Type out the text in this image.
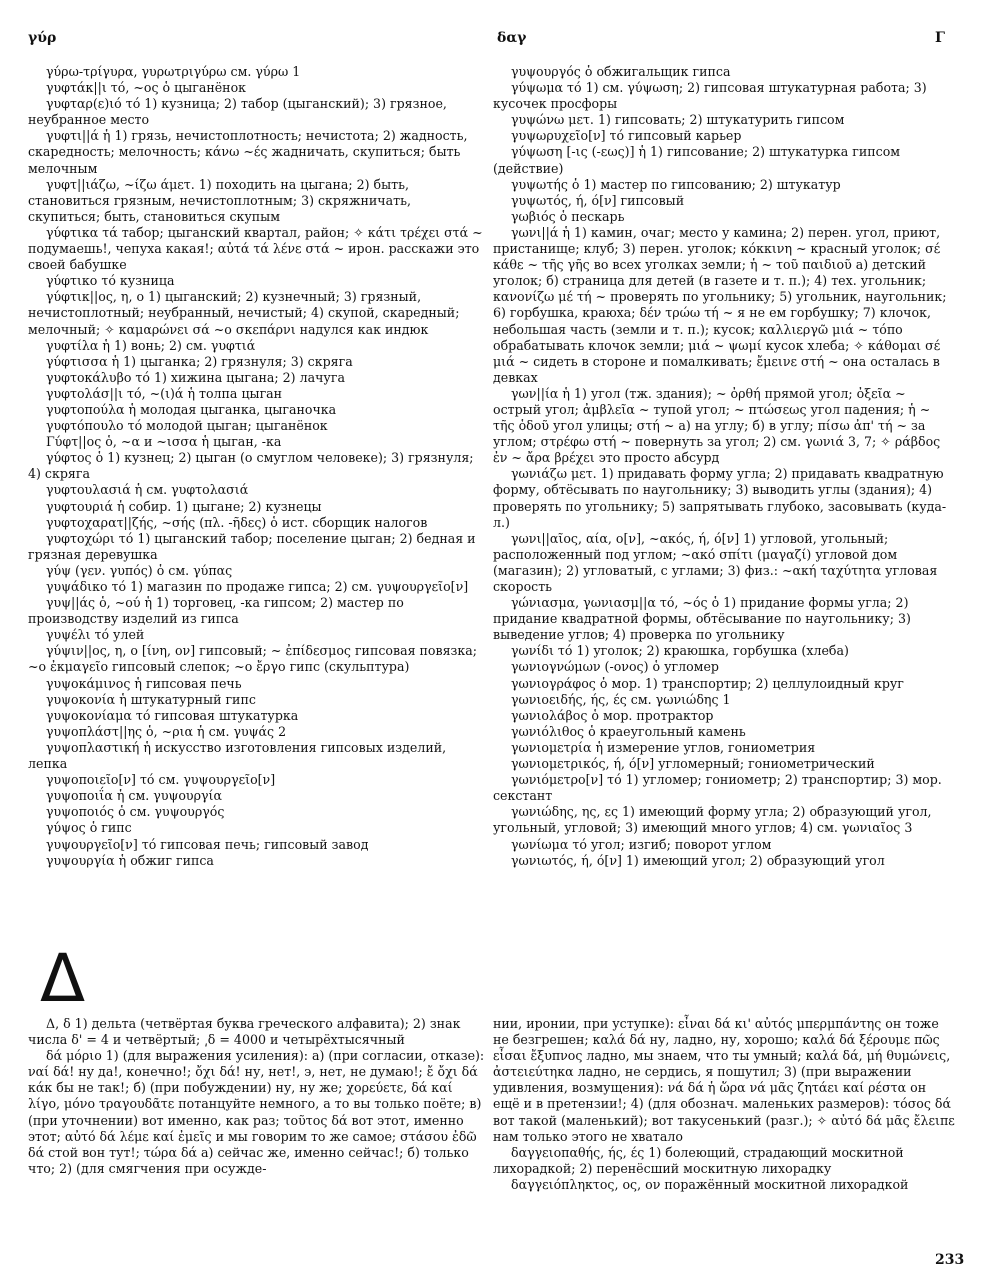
γύρ	δαγ	Γ

γύρω-τρίγυρα, γυρωτριγύρω см. γύρω 1

γυφτάκ||ι τό, ~ος ὁ цыганёнок

γυφταρ(ε)ιό τό 1) кузница; 2) табор (цыганский); 3) грязное, неубранное место

γυφτι||ά ἡ 1) грязь, нечистоплотность; нечистота; 2) жадность, скаредность; мелочность; κάνω ~ές жадничать, скупиться; быть мелочным

γυφτ||ιάζω, ~ίζω άμετ. 1) походить на цыгана; 2) быть, становиться грязным, нечистоплотным; 3) скряжничать, скупиться; быть, становиться скупым

γύφτικα τά табор; цыганский квартал, район; ✧ κάτι τρέχει στά ~ подумаешь!, чепуха какая!; αὐτά τά λένε στά ~ ирон. расскажи это своей бабушке

γύφτικο τό кузница

γύφτικ||ος, η, ο 1) цыганский; 2) кузнечный; 3) грязный, нечистоплотный; неубранный, нечистый; 4) скупой, скаредный; мелочный; ✧ καμαρώνει σά ~ο σκεπάρνι надулся как индюк

γυφτίλα ἡ 1) вонь; 2) см. γυφτιά

γύφτισσα ἡ 1) цыганка; 2) грязнуля; 3) скряга

γυφτοκάλυβο τό 1) хижина цыгана; 2) лачуга

γυφτολάσ||ι τό, ~(ι)ά ἡ толпа цыган

γυφτοπούλα ἡ молодая цыганка, цыганочка

γυφτόπουλο τό молодой цыган; цыганёнок

Γύφτ||ος ὁ, ~α и ~ισσα ἡ цыган, -ка

γύφτος ὁ 1) кузнец; 2) цыган (о смуглом человеке); 3) грязнуля; 4) скряга

γυφτουλασιά ἡ см. γυφτολασιά

γυφτουριά ἡ собир. 1) цыгане; 2) кузнецы

γυφτοχαρατ||ζής, ~σής (πλ. -ῆδες) ὁ ист. сборщик налогов

γυφτοχώρι τό 1) цыганский табор; поселение цыган; 2) бедная и грязная деревушка

γύψ (γεν. γυπός) ὁ см. γύπας

γυψάδικο τό 1) магазин по продаже гипса; 2) см. γυψουργεῖο[ν]

γυψ||άς ὁ, ~ού ἡ 1) торговец, -ка гипсом; 2) мастер по производству изделий из гипса

γυψέλι τό улей

γύψιν||ος, η, ο [ίνη, ον] гипсовый; ~ ἐπίδεσμος гипсовая повязка; ~ο ἐκμαγεῖο гипсовый слепок; ~ο ἔργο гипс (скульптура)

γυψοκάμινος ἡ гипсовая печь

γυψοκονία ἡ штукатурный гипс

γυψοκονίαμα τό гипсовая штукатурка

γυψοπλάστ||ης ὁ, ~ρια ἡ см. γυψάς 2

γυψοπλαστική ἡ искусство изготовления гипсовых изделий, лепка

γυψοποιεῖο[ν] τό см. γυψουργεῖο[ν]

γυψοποιΐα ἡ см. γυψουργία

γυψοποιός ὁ см. γυψουργός

γύψος ὁ гипс

γυψουργεῖο[ν] τό гипсовая печь; гипсовый завод

γυψουργία ἡ обжиг гипса

γυψουργός ὁ обжигальщик гипса

γύψωμα τό 1) см. γύψωση; 2) гипсовая штукатурная работа; 3) кусочек просфоры

γυψώνω μετ. 1) гипсовать; 2) штукатурить гипсом

γυψωρυχεῖο[ν] τό гипсовый карьер

γύψωση [-ις (-εως)] ἡ 1) гипсование; 2) штукатурка гипсом (действие)

γυψωτής ὁ 1) мастер по гипсованию; 2) штукатур

γυψωτός, ή, ό[ν] гипсовый

γωβιός ὁ пескарь

γωνι||ά ἡ 1) камин, очаг; место у камина; 2) перен. угол, приют, пристанище; клуб; 3) перен. уголок; κόκκινη ~ красный уголок; σέ κάθε ~ τῆς γῆς во всех уголках земли; ἡ ~ τοῦ παιδιοῦ а) детский уголок; б) страница для детей (в газете и т. п.); 4) тех. угольник; κανονίζω μέ τή ~ проверять по угольнику; 5) угольник, наугольник; 6) горбушка, краюха; δέν τρώω τή ~ я не ем горбушку; 7) клочок, небольшая часть (земли и т. п.); кусок; καλλιεργῶ μιά ~ τόπο обрабатывать клочок земли; μιά ~ ψωμί кусок хлеба; ✧ κάθομαι σέ μιά ~ сидеть в стороне и помалкивать; ἔμεινε στή ~ она осталась в девках

γων||ία ἡ 1) угол (тж. здания); ~ ὀρθή прямой угол; ὀξεῖα ~ острый угол; ἀμβλεῖα ~ тупой угол; ~ πτώσεως угол падения; ἡ ~ τῆς ὁδοῦ угол улицы; στή ~ а) на углу; б) в углу; πίσω ἀπ' τή ~ за углом; στρέφω στή ~ повернуть за угол; 2) см. γωνιά 3, 7; ✧ ράβδος ἐν ~ ἄρα βρέχει это просто абсурд

γωνιάζω μετ. 1) придавать форму угла; 2) придавать квадратную форму, обтёсывать по наугольнику; 3) выводить углы (здания); 4) проверять по угольнику; 5) запрятывать глубоко, засовывать (куда-л.)

γωνι||αῖος, αία, ο[ν], ~ακός, ή, ό[ν] 1) угловой, угольный; расположенный под углом; ~ακό σπίτι (μαγαζί) угловой дом (магазин); 2) угловатый, с углами; 3) физ.: ~ακή ταχύτητα угловая скорость

γώνιασμα, γωνιασμ||α τό, ~ός ὁ 1) придание формы угла; 2) придание квадратной формы, обтёсывание по наугольнику; 3) выведение углов; 4) проверка по угольнику

γωνίδι τό 1) уголок; 2) краюшка, горбушка (хлеба)

γωνιογνώμων (-ονος) ὁ угломер

γωνιογράφος ὁ мор. 1) транспортир; 2) целлулоидный круг

γωνιοειδής, ής, ές см. γωνιώδης 1

γωνιολάβος ὁ мор. протрактор

γωνιόλιθος ὁ краеугольный камень

γωνιομετρία ἡ измерение углов, гониометрия

γωνιομετρικός, ή, ό[ν] угломерный; гониометрический

γωνιόμετρο[ν] τό 1) угломер; гониометр; 2) транспортир; 3) мор. секстант

γωνιώδης, ης, ες 1) имеющий форму угла; 2) образующий угол, угольный, угловой; 3) имеющий много углов; 4) см. γωνιαῖος 3

γωνίωμα τό угол; изгиб; поворот углом

γωνιωτός, ή, ό[ν] 1) имеющий угол; 2) образующий угол

Δ

Δ, δ 1) дельта (четвёртая буква греческого алфавита); 2) знак числа δ' = 4 и четвёртый; ͵δ = 4000 и четырёхтысячный

δά μόριο 1) (для выражения усиления): а) (при согласии, отказе): ναί δά! ну да!, конечно!; ὄχι δά! ну, нет!, э, нет, не думаю!; ἔ ὄχι δά κάκ бы не так!; б) (при побуждении) ну, ну же; χορεύετε, δά καί λίγο, μόνο τραγουδᾶτε потанцуйте немного, а то вы только поёте; в) (при уточнении) вот именно, как раз; τοῦτος δά вот этот, именно этот; αὐτό δά λέμε καί ἐμεῖς и мы говорим то же самое; στάσου ἐδῶ δά стой вон тут!; τώρα δά а) сейчас же, именно сейчас!; б) только что; 2) (для смягчения при осужде-

нии, иронии, при уступке): εἶναι δά κι' αὐτός μπερμπάντης он тоже не безгрешен; καλά δά ну, ладно, ну, хорошо; καλά δά ξέρουμε πῶς εἶσαι ἔξυπνος ладно, мы знаем, что ты умный; καλά δά, μή θυμώνεις, ἀστειεύτηκα ладно, не сердись, я пошутил; 3) (при выражении удивления, возмущения): νά δά ἡ ὥρα νά μᾶς ζητάει καί ρέστα он ещё и в претензии!; 4) (для обознач. маленьких размеров): τόσος δά вот такой (маленький); вот такусенький (разг.); ✧ αὐτό δά μᾶς ἔλειπε нам только этого не хватало

δαγγειοπαθής, ής, ές 1) болеющий, страдающий москитной лихорадкой; 2) перенёсший москитную лихорадку

δαγγειόπληκτος, ος, ον поражённый москитной лихорадкой

233
